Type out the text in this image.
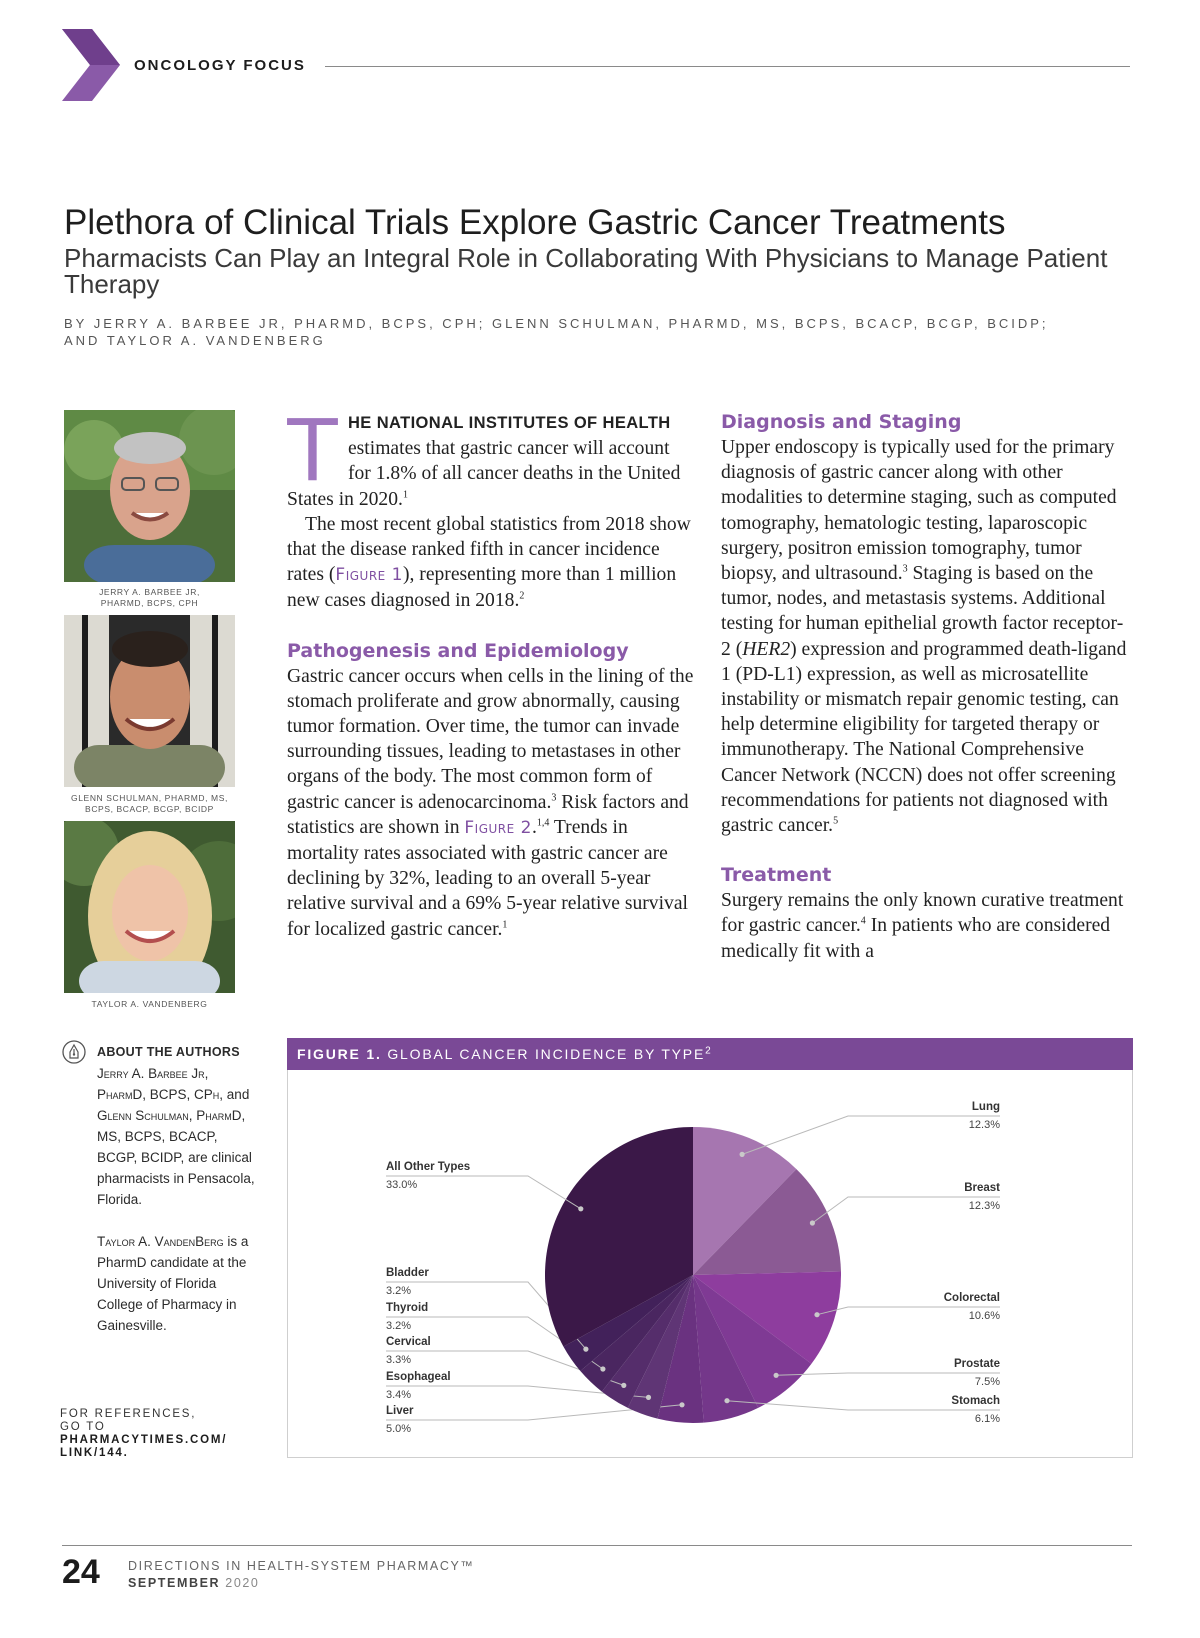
ONCOLOGY FOCUS
Plethora of Clinical Trials Explore Gastric Cancer Treatments
Pharmacists Can Play an Integral Role in Collaborating With Physicians to Manage Patient Therapy
BY JERRY A. BARBEE JR, PHARMD, BCPS, CPH; GLENN SCHULMAN, PHARMD, MS, BCPS, BCACP, BCGP, BCIDP; AND TAYLOR A. VANDENBERG
JERRY A. BARBEE JR,
PHARMD, BCPS, CPH
GLENN SCHULMAN, PHARMD, MS,
BCPS, BCACP, BCGP, BCIDP
TAYLOR A. VANDENBERG
ABOUT THE AUTHORS

Jerry A. Barbee Jr, PharmD, BCPS, CPh, and Glenn Schulman, PharmD, MS, BCPS, BCACP, BCGP, BCIDP, are clinical pharmacists in Pensacola, Florida.

Taylor A. VandenBerg is a PharmD candidate at the University of Florida College of Pharmacy in Gainesville.

FOR REFERENCES,
GO TO
PHARMACYTIMES.COM/ LINK/144.

THE NATIONAL INSTITUTES OF HEALTH estimates that gastric cancer will account for 1.8% of all cancer deaths in the United States in 2020.$^1$

The most recent global statistics from 2018 show that the disease ranked fifth in cancer incidence rates (Figure 1), representing more than 1 million new cases diagnosed in 2018.$^2$

Pathogenesis and Epidemiology

Gastric cancer occurs when cells in the lining of the stomach proliferate and grow abnormally, causing tumor formation. Over time, the tumor can invade surrounding tissues, leading to metastases in other organs of the body. The most common form of gastric cancer is adenocarcinoma.$^3$ Risk factors and statistics are shown in Figure 2.$^{1,4}$ Trends in mortality rates associated with gastric cancer are declining by 32%, leading to an overall 5-year relative survival and a 69% 5-year relative survival for localized gastric cancer.$^1$

Diagnosis and Staging

Upper endoscopy is typically used for the primary diagnosis of gastric cancer along with other modalities to determine staging, such as computed tomography, hematologic testing, laparoscopic surgery, positron emission tomography, tumor biopsy, and ultrasound.$^3$ Staging is based on the tumor, nodes, and metastasis systems. Additional testing for human epithelial growth factor receptor-2 (HER2) expression and programmed death-ligand 1 (PD-L1) expression, as well as microsatellite instability or mismatch repair genomic testing, can help determine eligibility for targeted therapy or immunotherapy. The National Comprehensive Cancer Network (NCCN) does not offer screening recommendations for patients not diagnosed with gastric cancer.$^5$

Treatment

Surgery remains the only known curative treatment for gastric cancer.$^4$ In patients who are considered medically fit with a

FIGURE 1. GLOBAL CANCER INCIDENCE BY TYPE$^2$
Lung
12.3%
Breast
12.3%
Colorectal
10.6%
Prostate
7.5%
Stomach
6.1%
Liver
5.0%
Esophageal
3.4%
Cervical
3.3%
Thyroid
3.2%
Bladder
3.2%
All Other Types
33.0%
24 DIRECTIONS IN HEALTH-SYSTEM PHARMACY™
SEPTEMBER 2020
